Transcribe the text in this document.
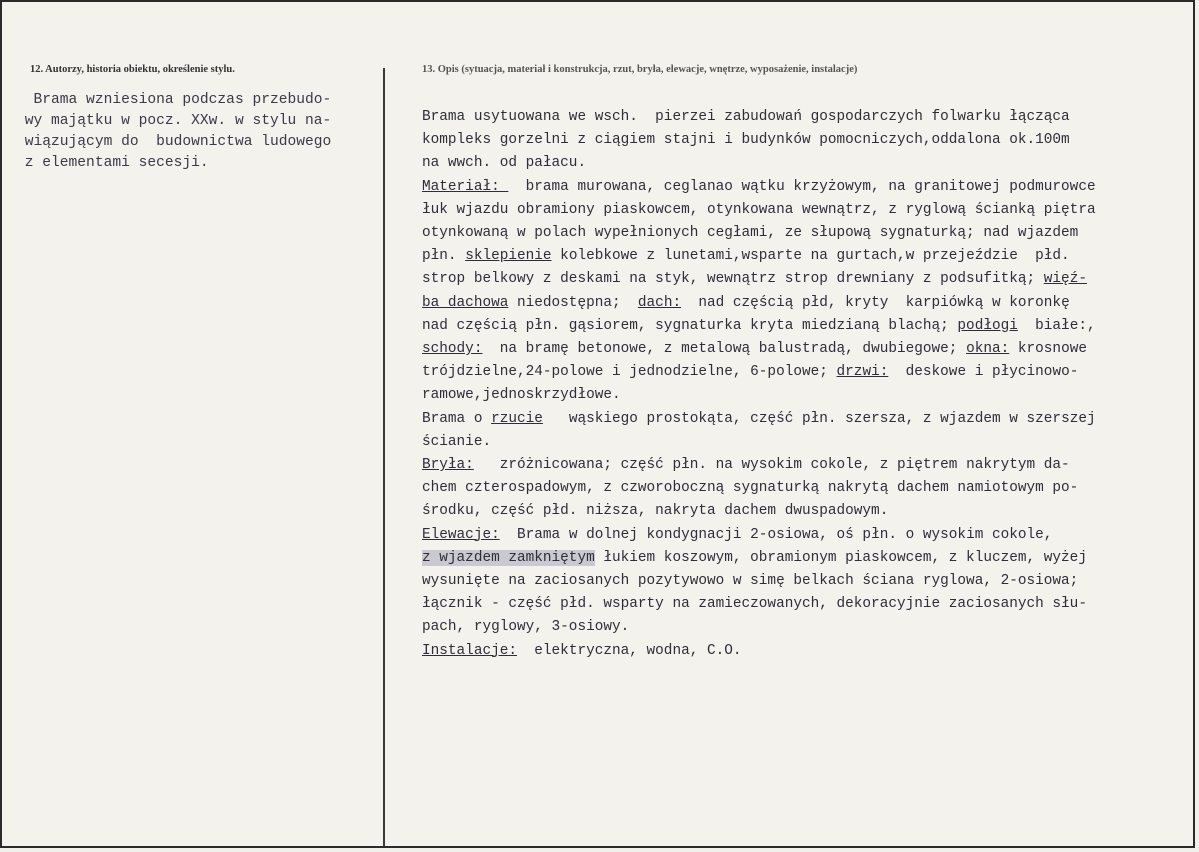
12. Autorzy, historia obiektu, określenie stylu.	13. Opis (sytuacja, materiał i konstrukcja, rzut, bryła, elewacje, wnętrze, wyposażenie, instalacje)

Brama wzniesiona podczas przebudo-

wy majątku w pocz. XXw. w stylu na-

wiązującym do  budownictwa ludowego

z elementami secesji.

Brama usytuowana we wsch.  pierzei zabudowań gospodarczych folwarku łącząca

kompleks gorzelni z ciągiem stajni i budynków pomocniczych,oddalona ok.100m

na wwch. od pałacu.

Materiał:   brama murowana, ceglanao wątku krzyżowym, na granitowej podmurowce

łuk wjazdu obramiony piaskowcem, otynkowana wewnątrz, z ryglową ścianką piętra

otynkowaną w polach wypełnionych cegłami, ze słupową sygnaturką; nad wjazdem

płn. sklepienie kolebkowe z lunetami,wsparte na gurtach,w przejeździe  płd.

strop belkowy z deskami na styk, wewnątrz strop drewniany z podsufitką; więź-

ba dachowa niedostępna;  dach:  nad częścią płd, kryty  karpiówką w koronkę

nad częścią płn. gąsiorem, sygnaturka kryta miedzianą blachą; podłogi  białe:,

schody:  na bramę betonowe, z metalową balustradą, dwubiegowe; okna: krosnowe

trójdzielne,24-polowe i jednodzielne, 6-polowe; drzwi:  deskowe i płycinowo-

ramowe,jednoskrzydłowe.

Brama o rzucie   wąskiego prostokąta, część płn. szersza, z wjazdem w szerszej

ścianie.

Bryła:   zróżnicowana; część płn. na wysokim cokole, z piętrem nakrytym da-

chem czterospadowym, z czworoboczną sygnaturką nakrytą dachem namiotowym po-

środku, część płd. niższa, nakryta dachem dwuspadowym.

Elewacje:  Brama w dolnej kondygnacji 2-osiowa, oś płn. o wysokim cokole,

z wjazdem zamkniętym łukiem koszowym, obramionym piaskowcem, z kluczem, wyżej

wysunięte na zaciosanych pozytywowo w simę belkach ściana ryglowa, 2-osiowa;

łącznik - część płd. wsparty na zamieczowanych, dekoracyjnie zaciosanych słu-

pach, ryglowy, 3-osiowy.

Instalacje:  elektryczna, wodna, C.O.
